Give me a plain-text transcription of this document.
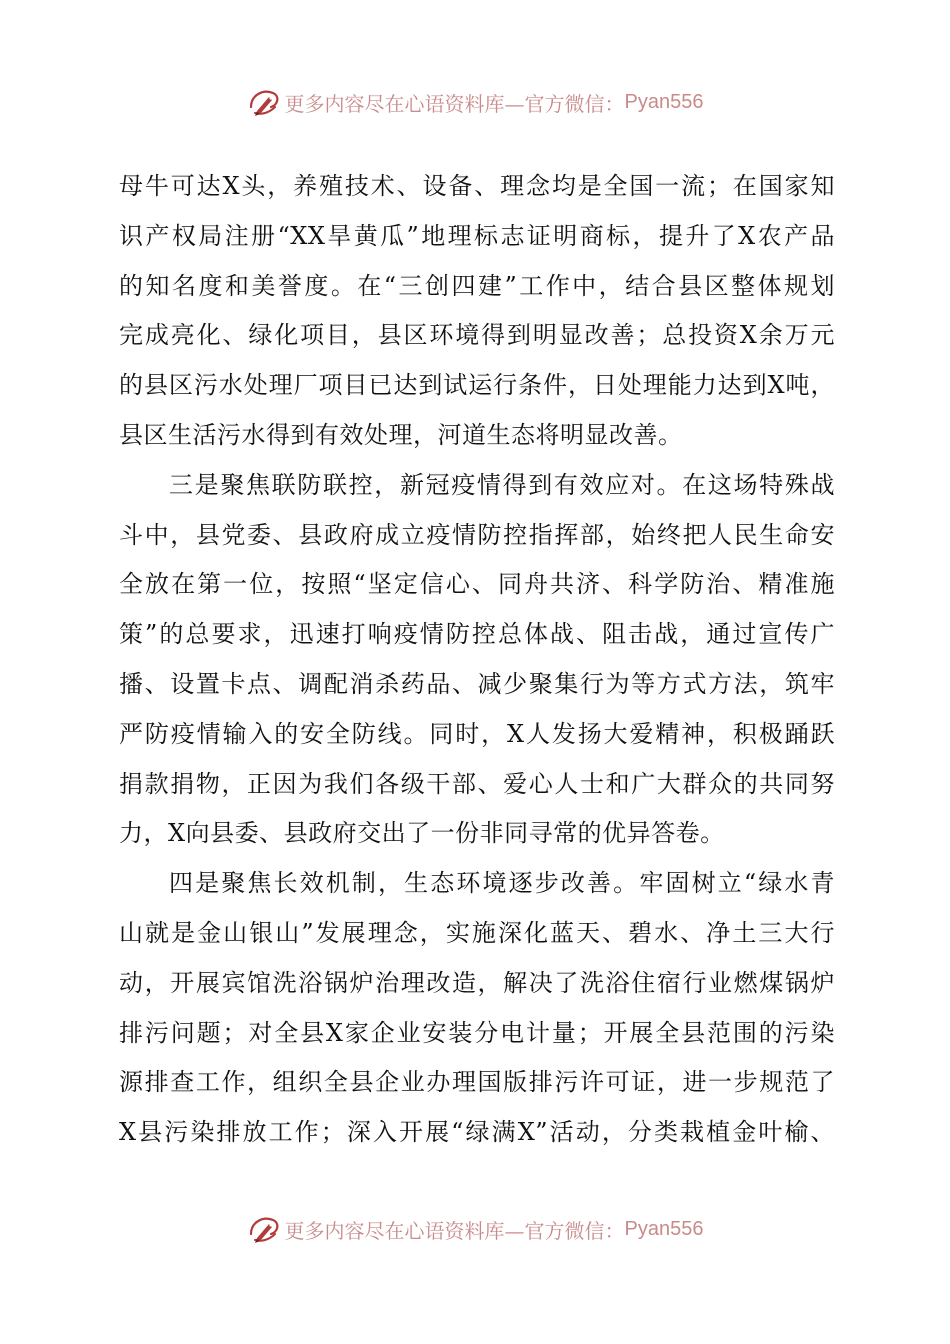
更多内容尽在心语资料库—官方微信： Pyan556
母牛可达X头，养殖技术、设备、理念均是全国一流；在国家知
识产权局注册“XX旱黄瓜”地理标志证明商标，提升了X农产品
的知名度和美誉度。在“三创四建”工作中，结合县区整体规划
完成亮化、绿化项目，县区环境得到明显改善；总投资X余万元
的县区污水处理厂项目已达到试运行条件，日处理能力达到X吨，
县区生活污水得到有效处理，河道生态将明显改善。
三是聚焦联防联控，新冠疫情得到有效应对。在这场特殊战
斗中，县党委、县政府成立疫情防控指挥部，始终把人民生命安
全放在第一位，按照“坚定信心、同舟共济、科学防治、精准施
策”的总要求，迅速打响疫情防控总体战、阻击战，通过宣传广
播、设置卡点、调配消杀药品、减少聚集行为等方式方法，筑牢
严防疫情输入的安全防线。同时，X人发扬大爱精神，积极踊跃
捐款捐物，正因为我们各级干部、爱心人士和广大群众的共同努
力，X向县委、县政府交出了一份非同寻常的优异答卷。
四是聚焦长效机制，生态环境逐步改善。牢固树立“绿水青
山就是金山银山”发展理念，实施深化蓝天、碧水、净土三大行
动，开展宾馆洗浴锅炉治理改造，解决了洗浴住宿行业燃煤锅炉
排污问题；对全县X家企业安装分电计量；开展全县范围的污染
源排查工作，组织全县企业办理国版排污许可证，进一步规范了
X县污染排放工作；深入开展“绿满X”活动，分类栽植金叶榆、
更多内容尽在心语资料库—官方微信： Pyan556
